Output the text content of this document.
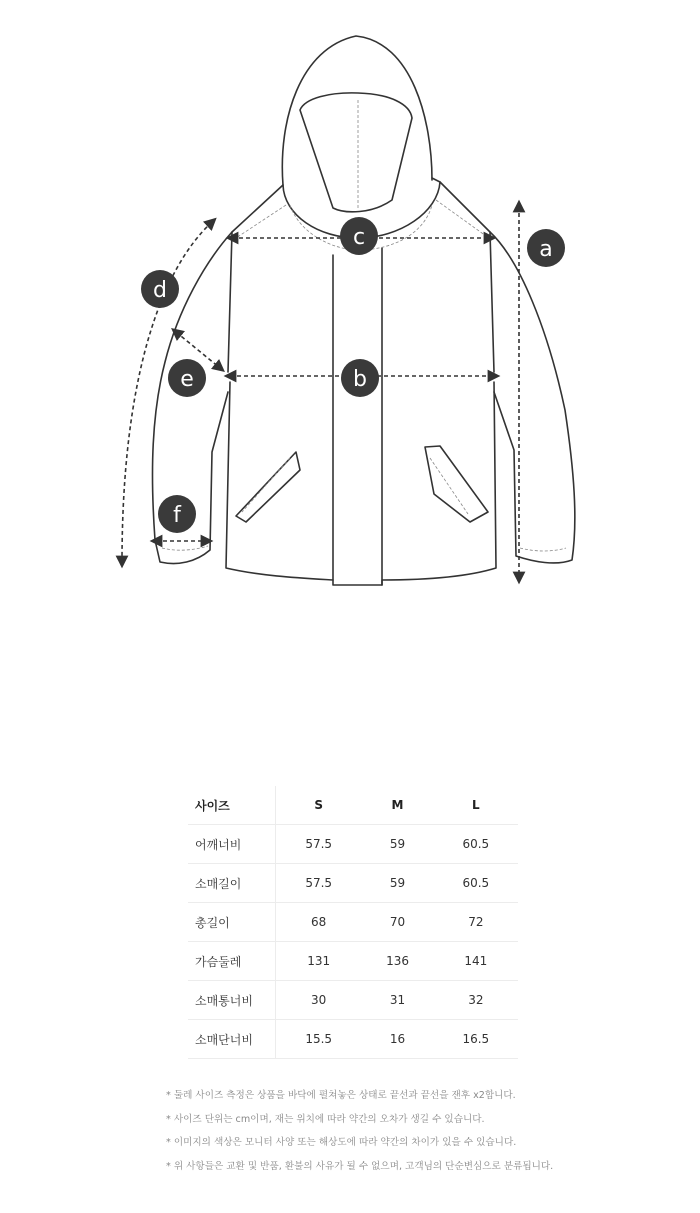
a
b
c
d
e
f
사이즈	S	M	L
어깨너비	57.5	59	60.5
소매길이	57.5	59	60.5
총길이	68	70	72
가슴둘레	131	136	141
소매통너비	30	31	32
소매단너비	15.5	16	16.5

* 둘레 사이즈 측정은 상품을 바닥에 펼쳐놓은 상태로 끝선과 끝선을 잰후 x2합니다.

* 사이즈 단위는 cm이며, 재는 위치에 따라 약간의 오차가 생길 수 있습니다.

* 이미지의 색상은 모니터 사양 또는 해상도에 따라 약간의 차이가 있을 수 있습니다.

* 위 사항들은 교환 및 반품, 환불의 사유가 될 수 없으며, 고객님의 단순변심으로 분류됩니다.
